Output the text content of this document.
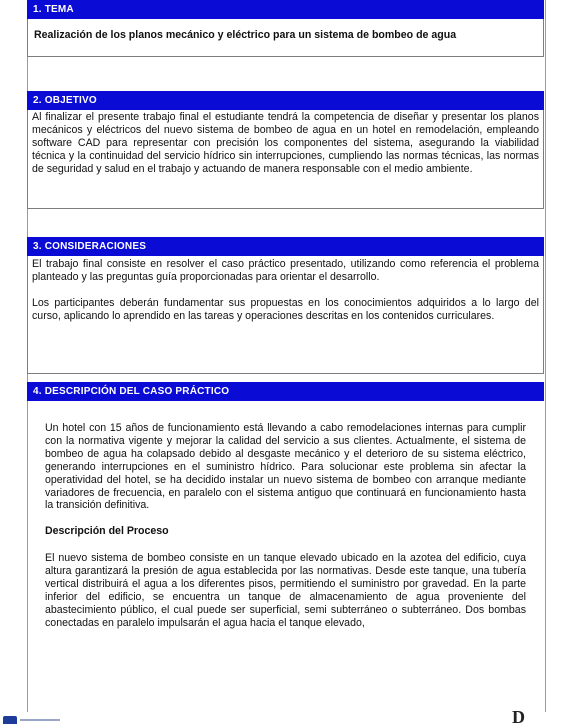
1. TEMA
Realización de los planos mecánico y eléctrico para un sistema de bombeo de agua
2. OBJETIVO

Al finalizar el presente trabajo final el estudiante tendrá la competencia de diseñar y presentar los planos mecánicos y eléctricos del nuevo sistema de bombeo de agua en un hotel en remodelación, empleando software CAD para representar con precisión los componentes del sistema, asegurando la viabilidad técnica y la continuidad del servicio hídrico sin interrupciones, cumpliendo las normas técnicas, las normas de seguridad y salud en el trabajo y actuando de manera responsable con el medio ambiente.

3. CONSIDERACIONES

El trabajo final consiste en resolver el caso práctico presentado, utilizando como referencia el problema planteado y las preguntas guía proporcionadas para orientar el desarrollo.

Los participantes deberán fundamentar sus propuestas en los conocimientos adquiridos a lo largo del curso, aplicando lo aprendido en las tareas y operaciones descritas en los contenidos curriculares.

4. DESCRIPCIÓN DEL CASO PRÁCTICO

Un hotel con 15 años de funcionamiento está llevando a cabo remodelaciones internas para cumplir con la normativa vigente y mejorar la calidad del servicio a sus clientes. Actualmente, el sistema de bombeo de agua ha colapsado debido al desgaste mecánico y el deterioro de su sistema eléctrico, generando interrupciones en el suministro hídrico. Para solucionar este problema sin afectar la operatividad del hotel, se ha decidido instalar un nuevo sistema de bombeo con arranque mediante variadores de frecuencia, en paralelo con el sistema antiguo que continuará en funcionamiento hasta la transición definitiva.

Descripción del Proceso

El nuevo sistema de bombeo consiste en un tanque elevado ubicado en la azotea del edificio, cuya altura garantizará la presión de agua establecida por las normativas. Desde este tanque, una tubería vertical distribuirá el agua a los diferentes pisos, permitiendo el suministro por gravedad. En la parte inferior del edificio, se encuentra un tanque de almacenamiento de agua proveniente del abastecimiento público, el cual puede ser superficial, semi subterráneo o subterráneo. Dos bombas conectadas en paralelo impulsarán el agua hacia el tanque elevado,

D
